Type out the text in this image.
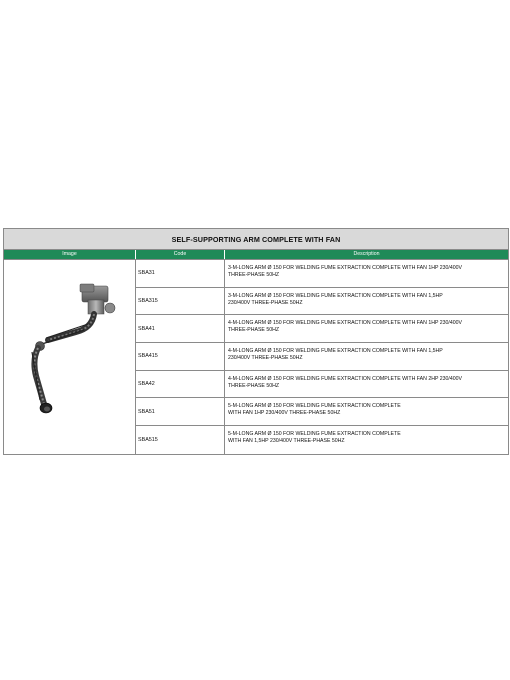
SELF-SUPPORTING ARM COMPLETE WITH FAN
Image	Code	Description
SBA31
3-M-LONG ARM Ø 150 FOR WELDING FUME EXTRACTION COMPLETE WITH FAN 1HP 230/400V
THREE-PHASE 50HZ
SBA315
3-M-LONG ARM Ø 150 FOR WELDING FUME EXTRACTION COMPLETE WITH FAN 1,5HP
230/400V THREE-PHASE 50HZ
SBA41
4-M-LONG ARM Ø 150 FOR WELDING FUME EXTRACTION COMPLETE WITH FAN 1HP 230/400V
THREE-PHASE 50HZ
SBA415
4-M-LONG ARM Ø 150 FOR WELDING FUME EXTRACTION COMPLETE WITH FAN 1,5HP
230/400V THREE-PHASE 50HZ
SBA42
4-M-LONG ARM Ø 150 FOR WELDING FUME EXTRACTION COMPLETE WITH FAN 2HP 230/400V
THREE-PHASE 50HZ
SBA51
5-M-LONG ARM Ø 150 FOR WELDING FUME EXTRACTION COMPLETE
WITH FAN 1HP 230/400V THREE-PHASE 50HZ
SBA515
5-M-LONG ARM Ø 150 FOR WELDING FUME EXTRACTION COMPLETE
WITH FAN 1,5HP 230/400V THREE-PHASE 50HZ
